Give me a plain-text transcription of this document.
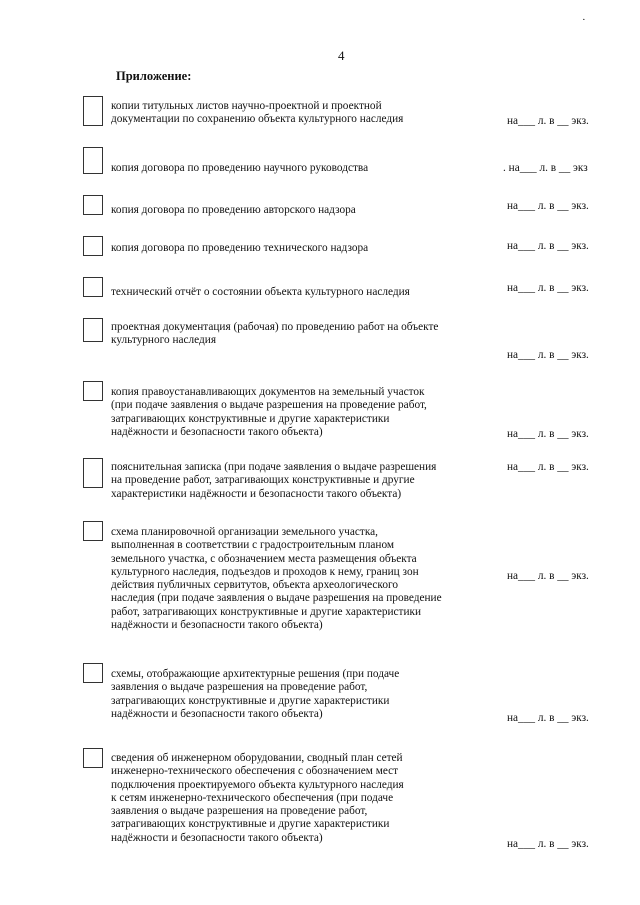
·
4
Приложение:
копии титульных листов научно-проектной и проектной
документации по сохранению объекта культурного наследия	на___ л. в __ экз.
копия договора по проведению научного руководства	. на___ л. в __ экз
копия договора по проведению авторского надзора	на___ л. в __ экз.
копия договора по проведению технического надзора	на___ л. в __ экз.
технический отчёт о состоянии объекта культурного наследия	на___ л. в __ экз.
проектная документация (рабочая) по проведению работ на объекте
культурного наследия
на___ л. в __ экз.
копия правоустанавливающих документов на земельный участок
(при подаче заявления о выдаче разрешения на проведение работ,
затрагивающих конструктивные и другие характеристики
надёжности и безопасности такого объекта)	на___ л. в __ экз.
пояснительная записка (при подаче заявления о выдаче разрешения
на проведение работ, затрагивающих конструктивные и другие
характеристики надёжности и безопасности такого объекта)
на___ л. в __ экз.
схема планировочной организации земельного участка,
выполненная в соответствии с градостроительным планом
земельного участка, с обозначением места размещения объекта
культурного наследия, подъездов и проходов к нему, границ зон
действия публичных сервитутов, объекта археологического
наследия (при подаче заявления о выдаче разрешения на проведение
работ, затрагивающих конструктивные и другие характеристики
надёжности и безопасности такого объекта)
на___ л. в __ экз.
схемы, отображающие архитектурные решения (при подаче
заявления о выдаче разрешения на проведение работ,
затрагивающих конструктивные и другие характеристики
надёжности и безопасности такого объекта)	на___ л. в __ экз.
сведения об инженерном оборудовании, сводный план сетей
инженерно-технического обеспечения с обозначением мест
подключения проектируемого объекта культурного наследия
к сетям инженерно-технического обеспечения (при подаче
заявления о выдаче разрешения на проведение работ,
затрагивающих конструктивные и другие характеристики
надёжности и безопасности такого объекта)
на___ л. в __ экз.
